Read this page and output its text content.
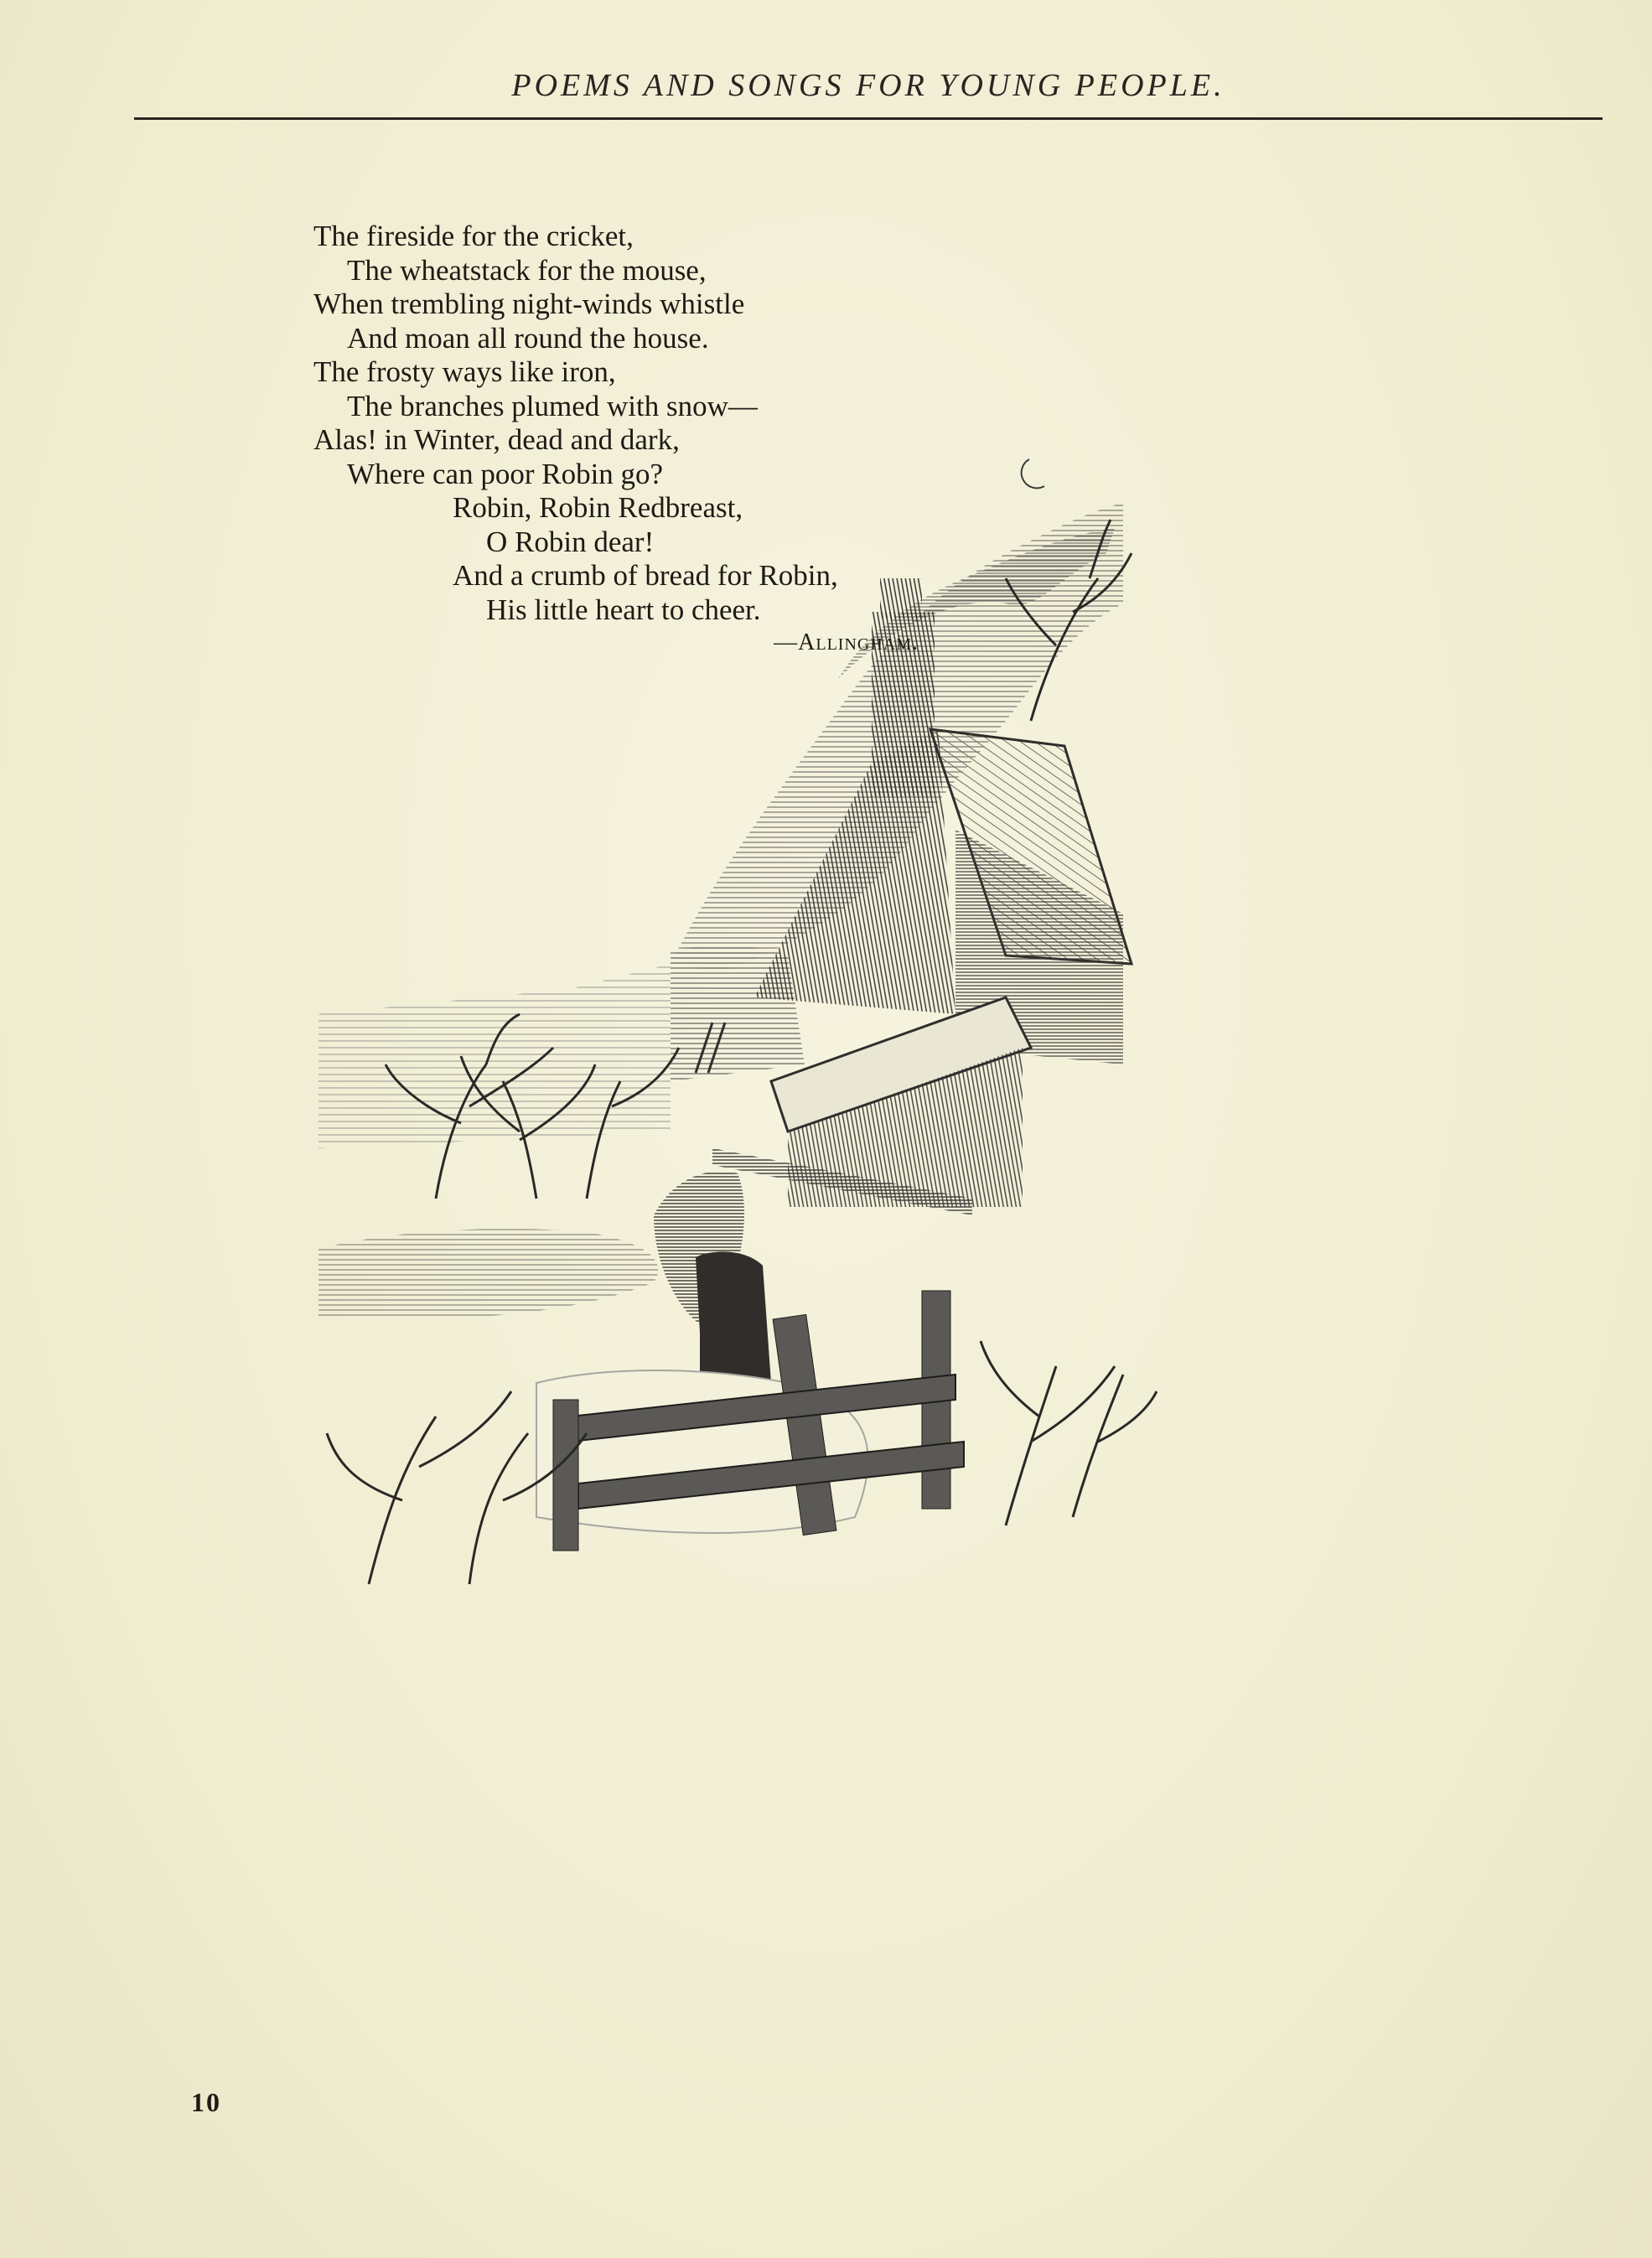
POEMS AND SONGS FOR YOUNG PEOPLE.
The fireside for the cricket,
The wheatstack for the mouse,
When trembling night-winds whistle
And moan all round the house.
The frosty ways like iron,
The branches plumed with snow—
Alas! in Winter, dead and dark,
Where can poor Robin go?
Robin, Robin Redbreast,
O Robin dear!
And a crumb of bread for Robin,
His little heart to cheer.
—Allingham.
10
